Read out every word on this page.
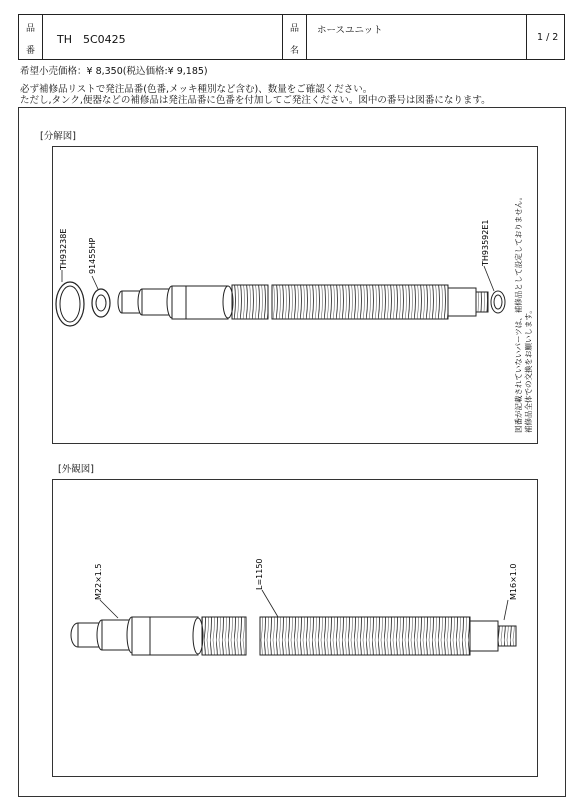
品
番
TH　5C0425
品
名
ホースユニット
1 / 2
希望小売価格：¥ 8,350(税込価格:¥ 9,185)
必ず補修品リストで発注品番(色番,メッキ種別など含む)、数量をご確認ください。
ただし,タンク,便器などの補修品は発注品番に色番を付加してご発注ください。図中の番号は図番になります。
[分解図]
TH93238E	91455HP	TH93592E1	図番が記載されていないパーツは、補修品として設定しておりません。 補修品全体での交換をお願いします。
M22×1.5	L=1150	M16×1.0
[外観図]
